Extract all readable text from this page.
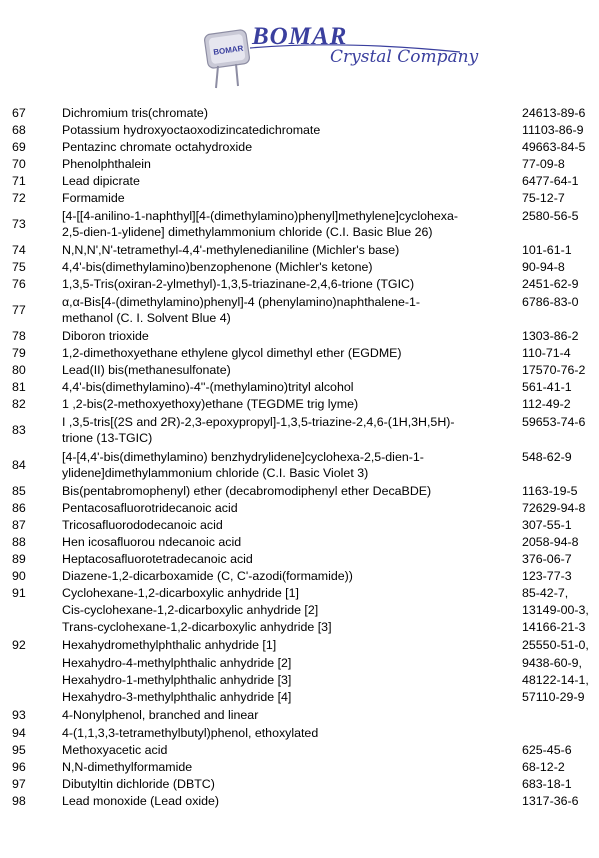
BOMAR
BOMAR
Crystal Company
67	Dichromium tris(chromate)	24613-89-6
68	Potassium hydroxyoctaoxodizincatedichromate	11103-86-9
69	Pentazinc chromate octahydroxide	49663-84-5
70	Phenolphthalein	77-09-8
71	Lead dipicrate	6477-64-1
72	Formamide	75-12-7
73	[4-[[4-anilino-1-naphthyl][4-(dimethylamino)phenyl]methylene]cyclohexa-
2,5-dien-1-ylidene] dimethylammonium chloride (C.I. Basic Blue 26)	2580-56-5
74	N,N,N',N'-tetramethyl-4,4'-methylenedianiline (Michler's base)	101-61-1
75	4,4'-bis(dimethylamino)benzophenone (Michler's ketone)	90-94-8
76	1,3,5-Tris(oxiran-2-ylmethyl)-1,3,5-triazinane-2,4,6-trione (TGIC)	2451-62-9
77	α,α-Bis[4-(dimethylamino)phenyl]-4 (phenylamino)naphthalene-1-
methanol (C. I. Solvent Blue 4)	6786-83-0
78	Diboron trioxide	1303-86-2
79	1,2-dimethoxyethane ethylene glycol dimethyl ether (EGDME)	110-71-4
80	Lead(II) bis(methanesulfonate)	17570-76-2
81	4,4'-bis(dimethylamino)-4''-(methylamino)trityl alcohol	561-41-1
82	1 ,2-bis(2-methoxyethoxy)ethane (TEGDME trig lyme)	112-49-2
83	I ,3,5-tris[(2S and 2R)-2,3-epoxypropyl]-1,3,5-triazine-2,4,6-(1H,3H,5H)-
trione (13-TGIC)	59653-74-6
84	[4-[4,4'-bis(dimethylamino) benzhydrylidene]cyclohexa-2,5-dien-1-
ylidene]dimethylammonium chloride (C.I. Basic Violet 3)	548-62-9
85	Bis(pentabromophenyl) ether (decabromodiphenyl ether DecaBDE)	1163-19-5
86	Pentacosafluorotridecanoic acid	72629-94-8
87	Tricosafluorododecanoic acid	307-55-1
88	Hen icosafluorou ndecanoic acid	2058-94-8
89	Heptacosafluorotetradecanoic acid	376-06-7
90	Diazene-1,2-dicarboxamide (C, C'-azodi(formamide))	123-77-3
91	Cyclohexane-1,2-dicarboxylic anhydride [1]	85-42-7,
	Cis-cyclohexane-1,2-dicarboxylic anhydride [2]	13149-00-3,
	Trans-cyclohexane-1,2-dicarboxylic anhydride [3]	14166-21-3
92	Hexahydromethylphthalic anhydride [1]	25550-51-0,
	Hexahydro-4-methylphthalic anhydride [2]	9438-60-9,
	Hexahydro-1-methylphthalic anhydride [3]	48122-14-1,
	Hexahydro-3-methylphthalic anhydride [4]	57110-29-9
93	4-Nonylphenol, branched and linear	
94	4-(1,1,3,3-tetramethylbutyl)phenol, ethoxylated	
95	Methoxyacetic acid	625-45-6
96	N,N-dimethylformamide	68-12-2
97	Dibutyltin dichloride (DBTC)	683-18-1
98	Lead monoxide (Lead oxide)	1317-36-6
